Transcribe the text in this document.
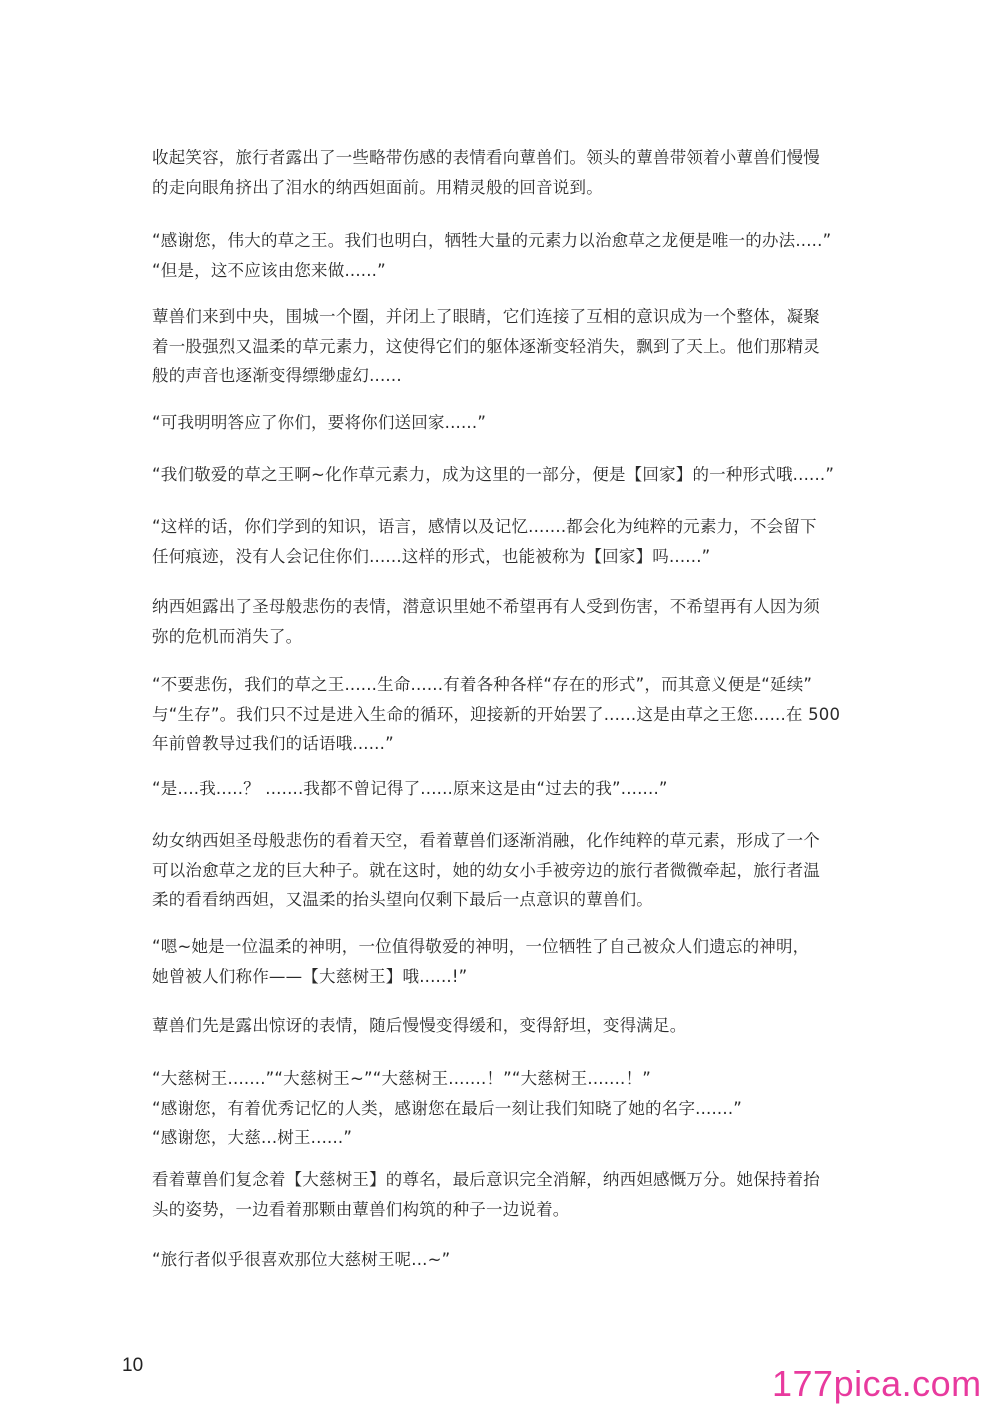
收起笑容，旅行者露出了一些略带伤感的表情看向蕈兽们。领头的蕈兽带领着小蕈兽们慢慢
的走向眼角挤出了泪水的纳西妲面前。用精灵般的回音说到。
“感谢您，伟大的草之王。我们也明白，牺牲大量的元素力以治愈草之龙便是唯一的办法.....”
“但是，这不应该由您来做......”
蕈兽们来到中央，围城一个圈，并闭上了眼睛，它们连接了互相的意识成为一个整体，凝聚
着一股强烈又温柔的草元素力，这使得它们的躯体逐渐变轻消失，飘到了天上。他们那精灵
般的声音也逐渐变得缥缈虚幻......
“可我明明答应了你们，要将你们送回家......”
“我们敬爱的草之王啊~化作草元素力，成为这里的一部分，便是【回家】的一种形式哦......”
“这样的话，你们学到的知识，语言，感情以及记忆.......都会化为纯粹的元素力，不会留下
任何痕迹，没有人会记住你们......这样的形式，也能被称为【回家】吗......”
纳西妲露出了圣母般悲伤的表情，潜意识里她不希望再有人受到伤害，不希望再有人因为须
弥的危机而消失了。
“不要悲伤，我们的草之王......生命......有着各种各样“存在的形式”，而其意义便是“延续”
与“生存”。我们只不过是进入生命的循环，迎接新的开始罢了......这是由草之王您......在 500
年前曾教导过我们的话语哦......”
“是....我.....？ .......我都不曾记得了......原来这是由“过去的我”.......”
幼女纳西妲圣母般悲伤的看着天空，看着蕈兽们逐渐消融，化作纯粹的草元素，形成了一个
可以治愈草之龙的巨大种子。就在这时，她的幼女小手被旁边的旅行者微微牵起，旅行者温
柔的看看纳西妲，又温柔的抬头望向仅剩下最后一点意识的蕈兽们。
“嗯~她是一位温柔的神明，一位值得敬爱的神明，一位牺牲了自己被众人们遗忘的神明，
她曾被人们称作——【大慈树王】哦......!”
蕈兽们先是露出惊讶的表情，随后慢慢变得缓和，变得舒坦，变得满足。
“大慈树王.......”“大慈树王~”“大慈树王.......！”“大慈树王.......！”
“感谢您，有着优秀记忆的人类，感谢您在最后一刻让我们知晓了她的名字.......”
“感谢您，大慈...树王......”
看着蕈兽们复念着【大慈树王】的尊名，最后意识完全消解，纳西妲感慨万分。她保持着抬
头的姿势，一边看着那颗由蕈兽们构筑的种子一边说着。
“旅行者似乎很喜欢那位大慈树王呢...~”
10	177pica.com
